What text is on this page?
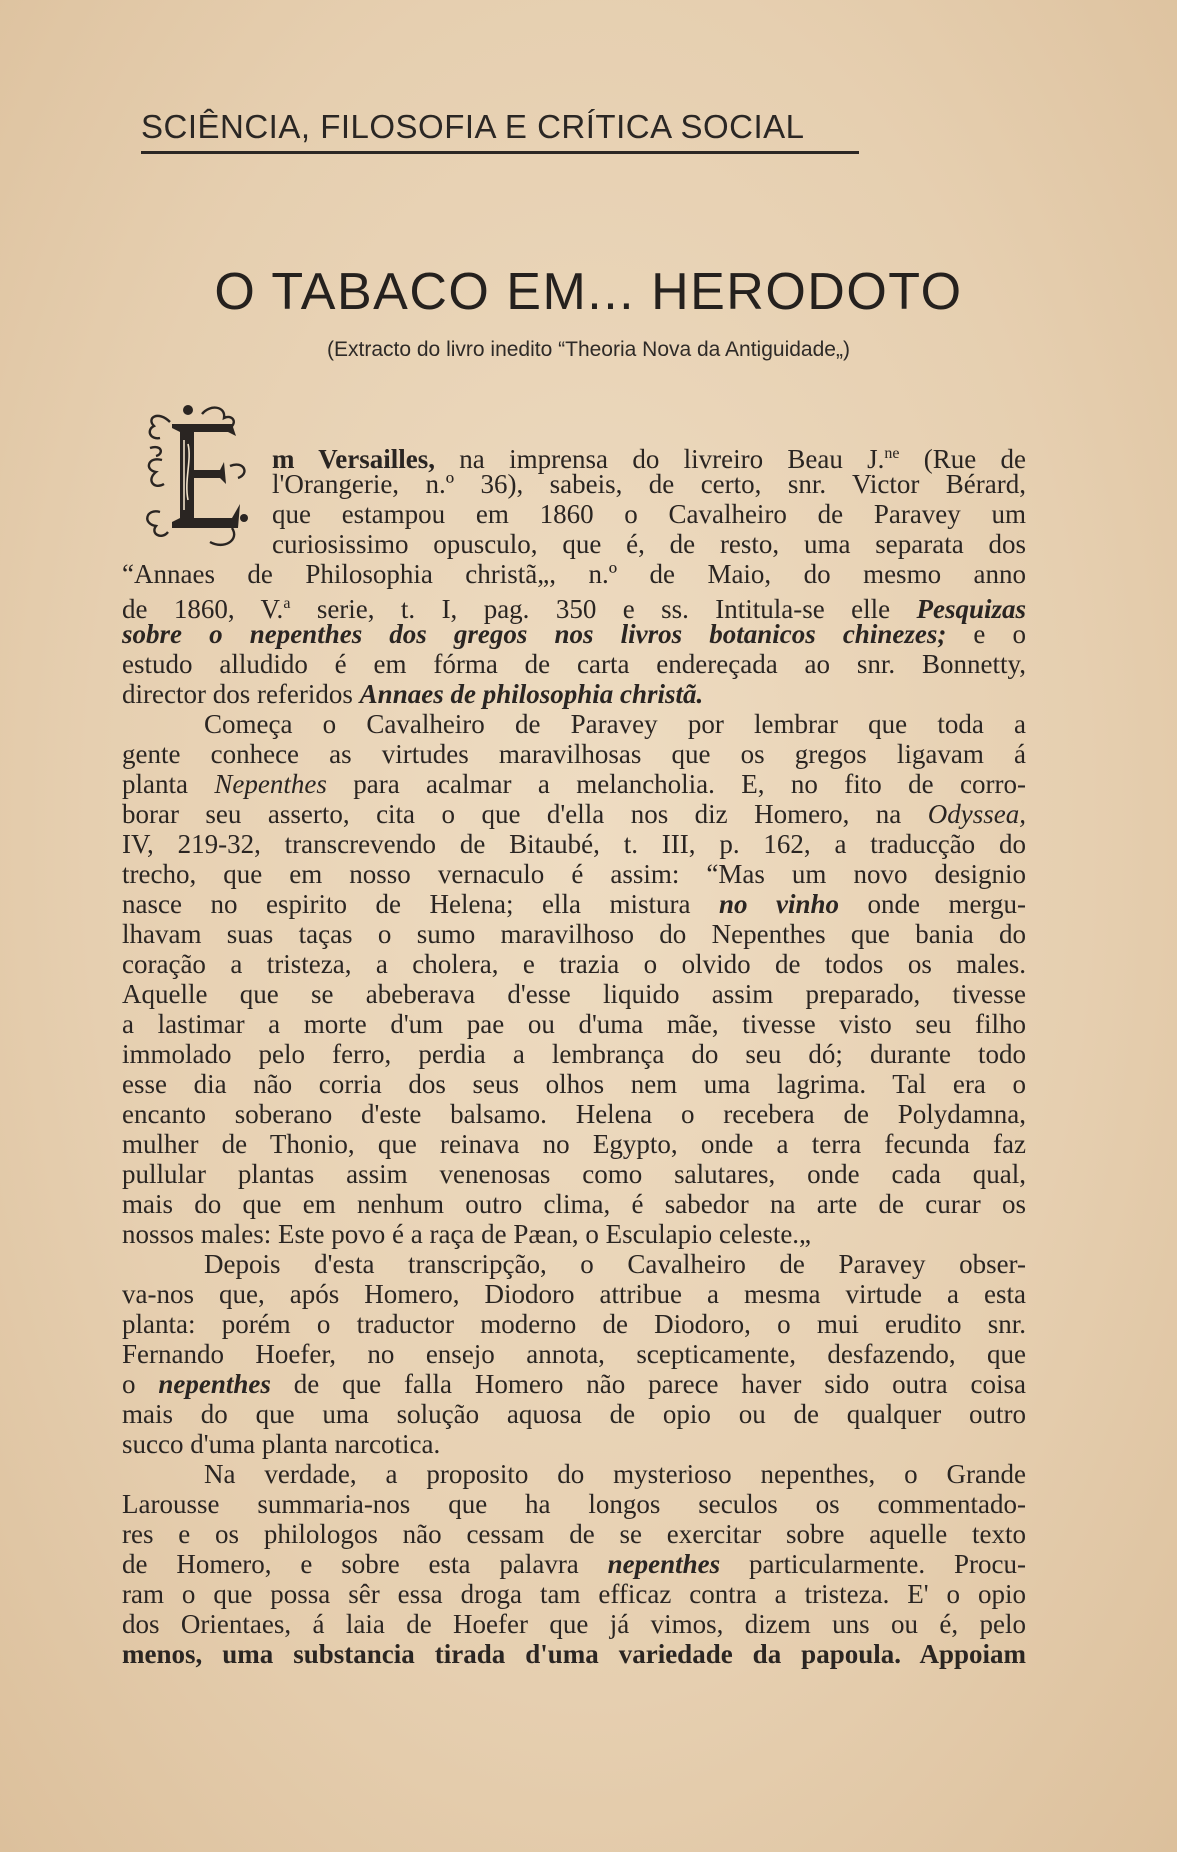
SCIÊNCIA, FILOSOFIA E CRÍTICA SOCIAL
O TABACO EM... HERODOTO
(Extracto do livro inedito “Theoria Nova da Antiguidade„)
m Versailles, na imprensa do livreiro Beau J.$^{ne}$ (Rue de
l'Orangerie, n.º 36), sabeis, de certo, snr. Victor Bérard,
que estampou em 1860 o Cavalheiro de Paravey um
curiosissimo opusculo, que é, de resto, uma separata dos
“Annaes de Philosophia christã„, n.º de Maio, do mesmo anno
de 1860, V.$^a$ serie, t. I, pag. 350 e ss. Intitula-se elle Pesquizas
sobre o nepenthes dos gregos nos livros botanicos chinezes; e o
estudo alludido é em fórma de carta endereçada ao snr. Bonnetty,
director dos referidos Annaes de philosophia christã.
Começa o Cavalheiro de Paravey por lembrar que toda a
gente conhece as virtudes maravilhosas que os gregos ligavam á
planta Nepenthes para acalmar a melancholia. E, no fito de corro-
borar seu asserto, cita o que d'ella nos diz Homero, na Odyssea,
IV, 219-32, transcrevendo de Bitaubé, t. III, p. 162, a traducção do
trecho, que em nosso vernaculo é assim: “Mas um novo designio
nasce no espirito de Helena; ella mistura no vinho onde mergu-
lhavam suas taças o sumo maravilhoso do Nepenthes que bania do
coração a tristeza, a cholera, e trazia o olvido de todos os males.
Aquelle que se abeberava d'esse liquido assim preparado, tivesse
a lastimar a morte d'um pae ou d'uma mãe, tivesse visto seu filho
immolado pelo ferro, perdia a lembrança do seu dó; durante todo
esse dia não corria dos seus olhos nem uma lagrima. Tal era o
encanto soberano d'este balsamo. Helena o recebera de Polydamna,
mulher de Thonio, que reinava no Egypto, onde a terra fecunda faz
pullular plantas assim venenosas como salutares, onde cada qual,
mais do que em nenhum outro clima, é sabedor na arte de curar os
nossos males: Este povo é a raça de Pæan, o Esculapio celeste.„
Depois d'esta transcripção, o Cavalheiro de Paravey obser-
va-nos que, após Homero, Diodoro attribue a mesma virtude a esta
planta: porém o traductor moderno de Diodoro, o mui erudito snr.
Fernando Hoefer, no ensejo annota, scepticamente, desfazendo, que
o nepenthes de que falla Homero não parece haver sido outra coisa
mais do que uma solução aquosa de opio ou de qualquer outro
succo d'uma planta narcotica.
Na verdade, a proposito do mysterioso nepenthes, o Grande
Larousse summaria-nos que ha longos seculos os commentado-
res e os philologos não cessam de se exercitar sobre aquelle texto
de Homero, e sobre esta palavra nepenthes particularmente. Procu-
ram o que possa sêr essa droga tam efficaz contra a tristeza. E' o opio
dos Orientaes, á laia de Hoefer que já vimos, dizem uns ou é, pelo
menos, uma substancia tirada d'uma variedade da papoula. Appoiam
